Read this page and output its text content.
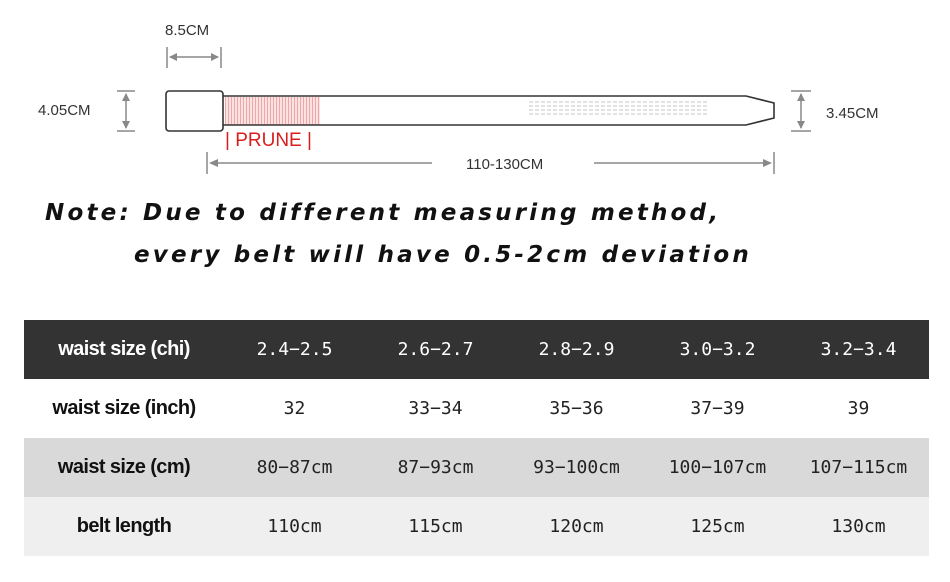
8.5CM
4.05CM	3.45CM
| PRUNE |
110-130CM
Note: Due to different measuring method,
every belt will have 0.5-2cm deviation
waist size (chi)	2.4−2.5	2.6−2.7	2.8−2.9	3.0−3.2	3.2−3.4
waist size (inch)	32	33−34	35−36	37−39	39
waist size (cm)	80−87cm	87−93cm	93−100cm	100−107cm	107−115cm
belt length	110cm	115cm	120cm	125cm	130cm
